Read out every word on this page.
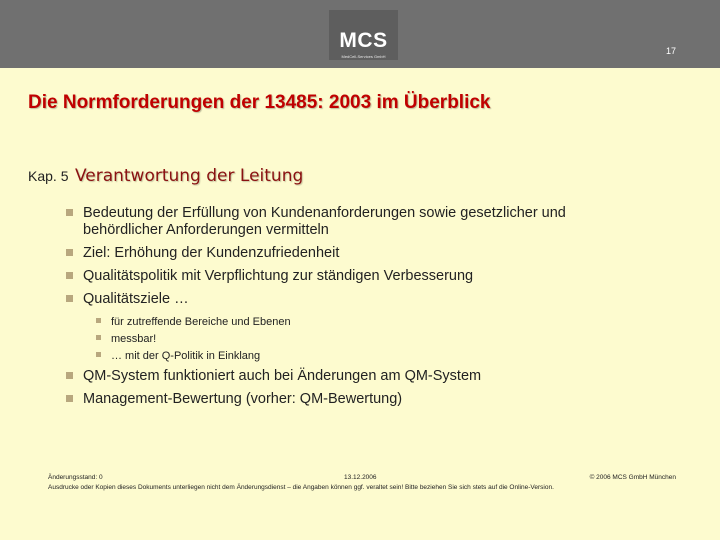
MCS
MedCell-Services GmbH
17
Die Normforderungen der 13485: 2003 im Überblick
Kap. 5 Verantwortung der Leitung
Bedeutung der Erfüllung von Kundenanforderungen sowie gesetzlicher und behördlicher Anforderungen vermitteln
Ziel: Erhöhung der Kundenzufriedenheit
Qualitätspolitik mit Verpflichtung zur ständigen Verbesserung
Qualitätsziele …
für zutreffende Bereiche und Ebenen
messbar!
… mit der Q-Politik in Einklang
QM-System funktioniert auch bei Änderungen am QM-System
Management-Bewertung (vorher: QM-Bewertung)
Änderungsstand: 0	13.12.2006	© 2006 MCS GmbH München
Ausdrucke oder Kopien dieses Dokuments unterliegen nicht dem Änderungsdienst – die Angaben können ggf. veraltet sein! Bitte beziehen Sie sich stets auf die Online-Version.
